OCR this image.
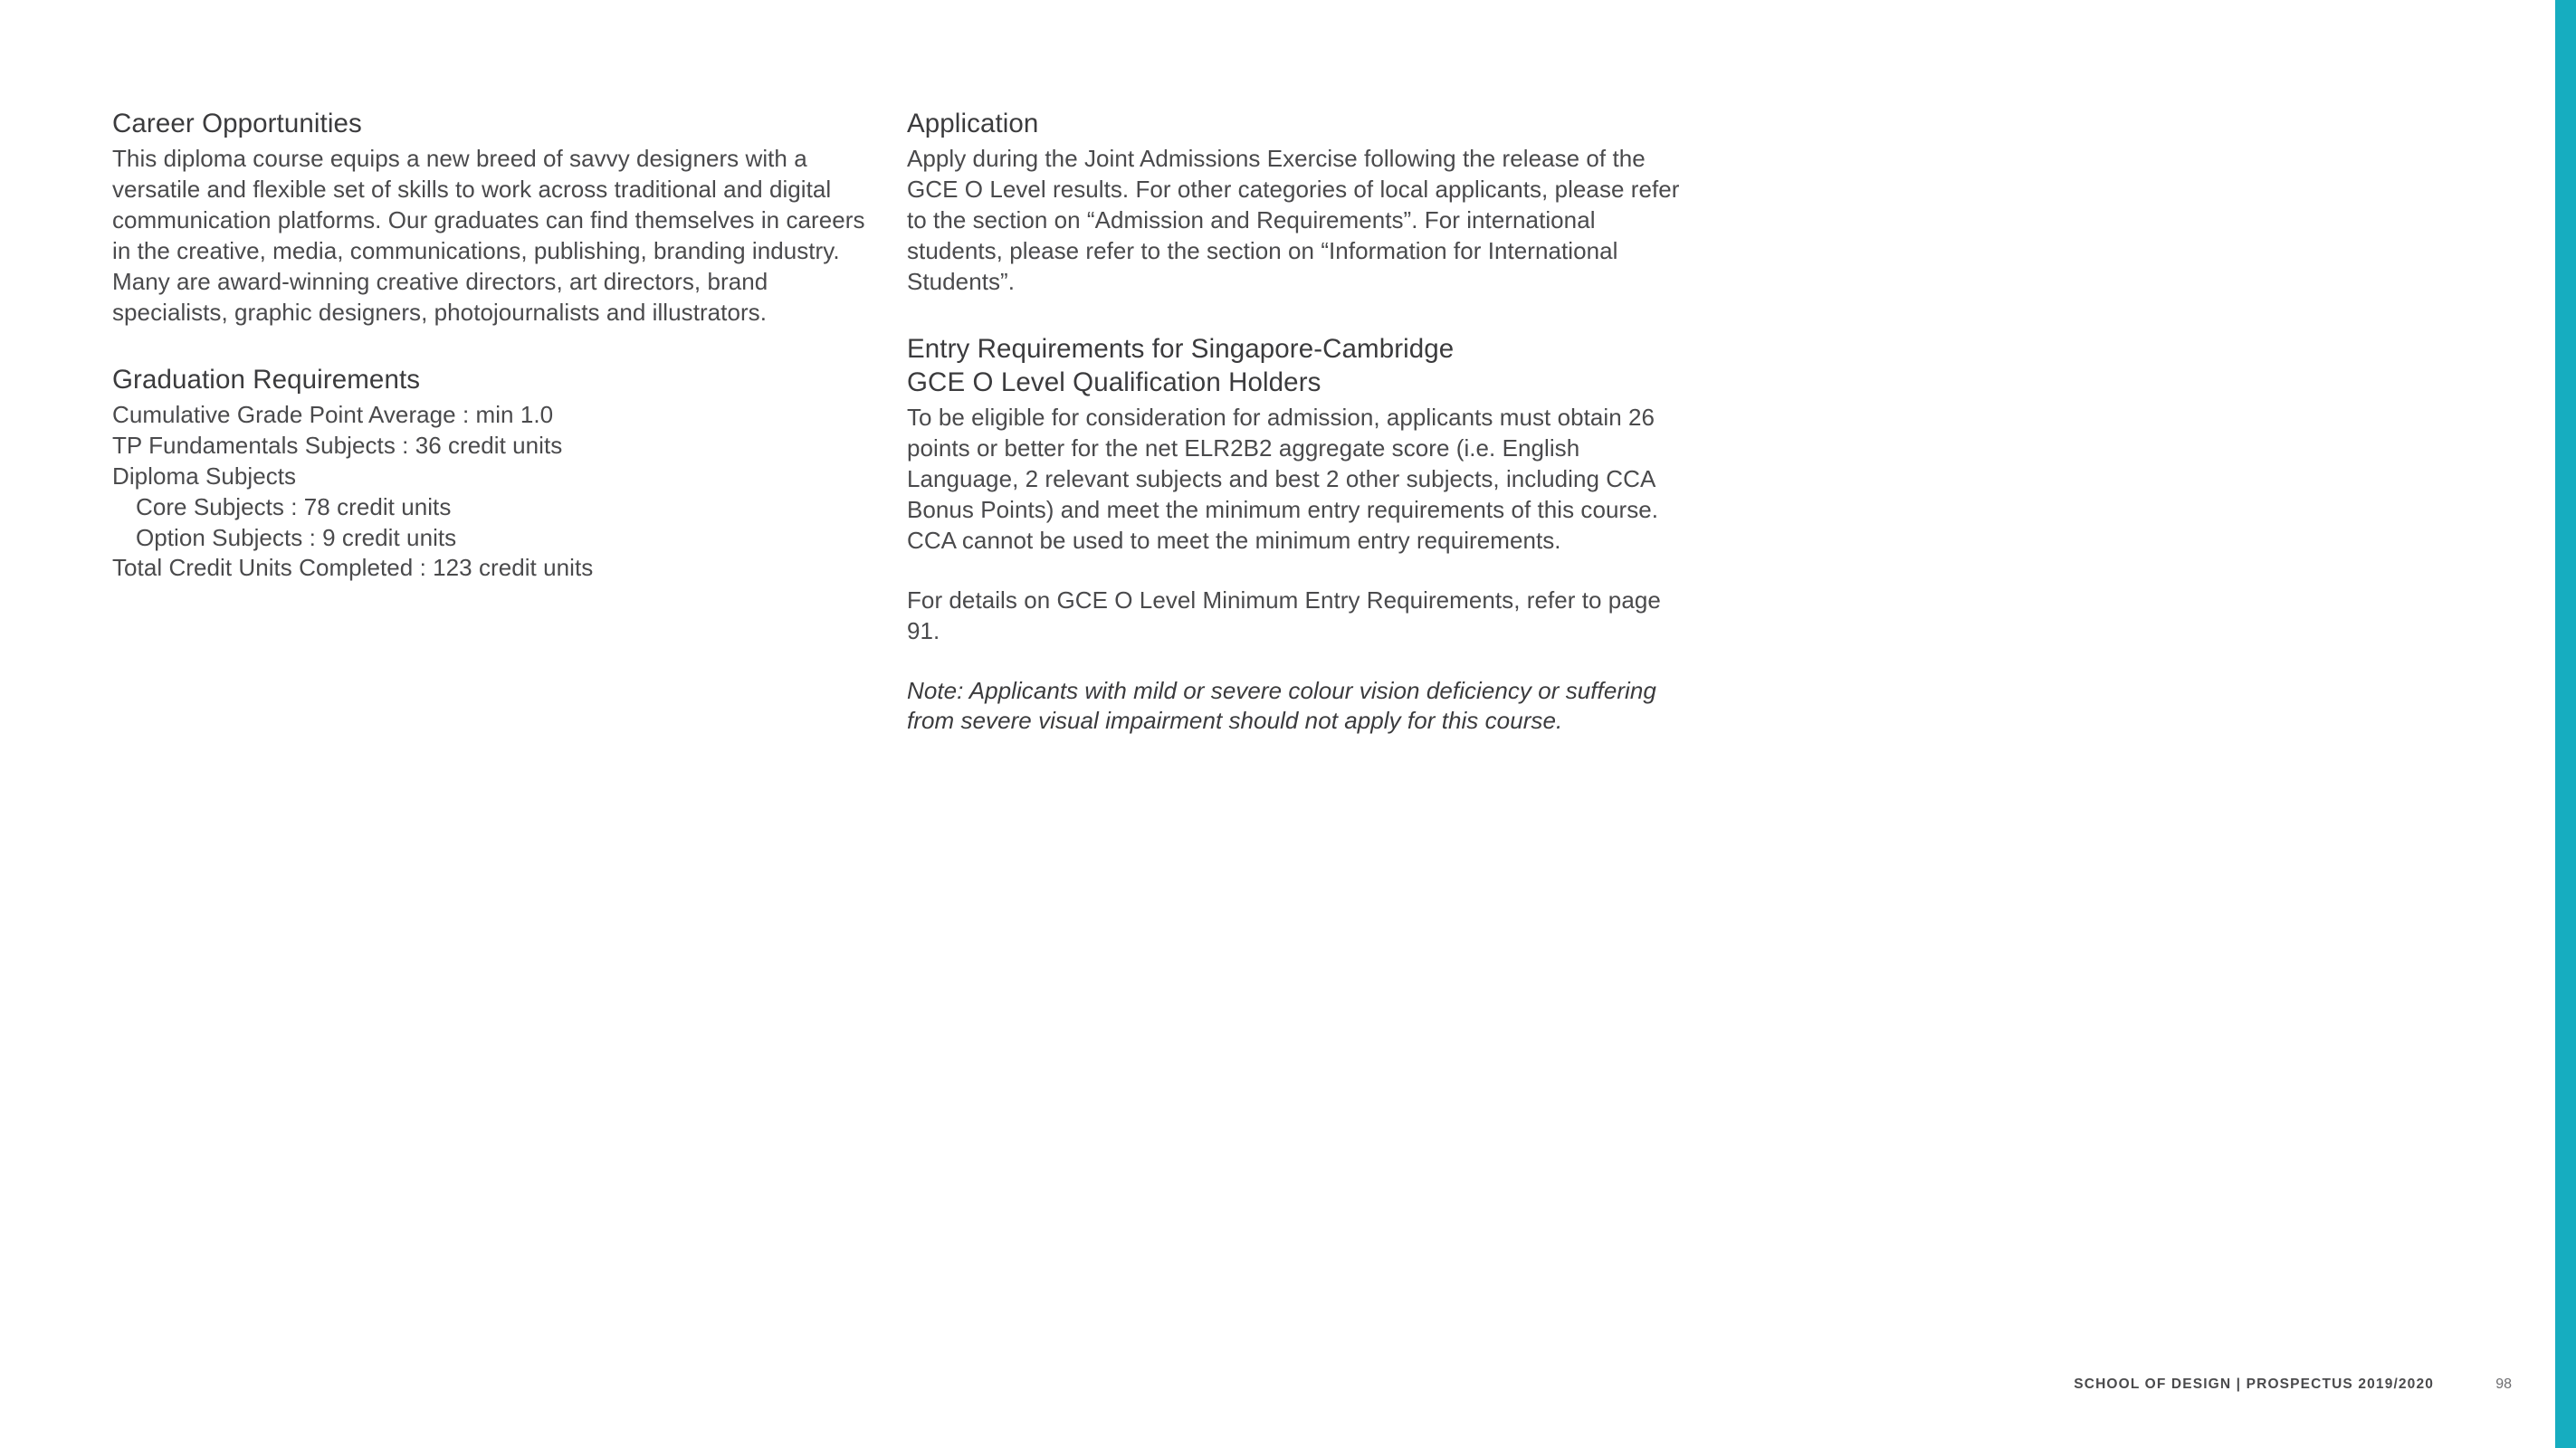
Career Opportunities

This diploma course equips a new breed of savvy designers with a versatile and flexible set of skills to work across traditional and digital communication platforms. Our graduates can find themselves in careers in the creative, media, communications, publishing, branding industry. Many are award-winning creative directors, art directors, brand specialists, graphic designers, photojournalists and illustrators.

Graduation Requirements
Cumulative Grade Point Average : min 1.0
TP Fundamentals Subjects : 36 credit units
Diploma Subjects
Core Subjects : 78 credit units
Option Subjects : 9 credit units
Total Credit Units Completed : 123 credit units
Application

Apply during the Joint Admissions Exercise following the release of the GCE O Level results. For other categories of local applicants, please refer to the section on “Admission and Requirements”. For international students, please refer to the section on “Information for International Students”.

Entry Requirements for Singapore-Cambridge
GCE O Level Qualification Holders

To be eligible for consideration for admission, applicants must obtain 26 points or better for the net ELR2B2 aggregate score (i.e. English Language, 2 relevant subjects and best 2 other subjects, including CCA Bonus Points) and meet the minimum entry requirements of this course. CCA cannot be used to meet the minimum entry requirements.

For details on GCE O Level Minimum Entry Requirements, refer to page 91.

Note: Applicants with mild or severe colour vision deficiency or suffering from severe visual impairment should not apply for this course.

SCHOOL OF DESIGN | PROSPECTUS 2019/2020	98
